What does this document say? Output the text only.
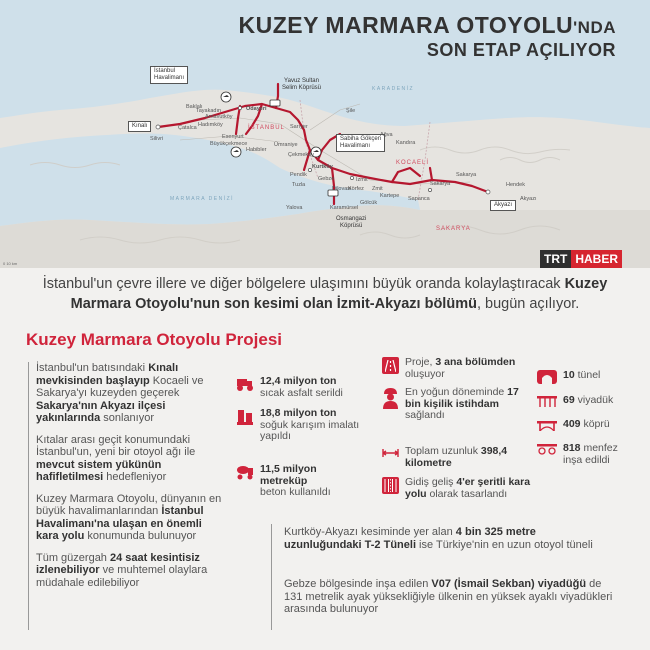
KUZEY MARMARA OTOYOLU'NDA
SON ETAP AÇILIYOR
KARADENİZ
MARMARA DENİZİ
İSTANBUL
KOCAELİ
SAKARYA
İstanbul
Havalimanı
Sabiha Gökçen
Havalimanı
Yavuz Sultan
Selim Köprüsü
Osmangazi
Köprüsü
Kınalı
Akyazı
Odayeri
Kurtköy
İzmit
Sakarya
Tayakadın
Silivri
Çatalca
Baklalı
Arnavutköy
Hadımköy
Büyükçekmece
Esenyurt
Habibler
Sarıyer
Şile
Ümraniye
Çekmeköy
Pendik
Tuzla
Gebze
Dilovası
Körfez
Kandıra
Sapanca	Akyazı
Hendek
Ağva
Yalova	Karamürsel
Gölcük
Kartepe
Sakarya
Zmit
0 10 km	TRT HABER
İstanbul'un çevre illere ve diğer bölgelere ulaşımını büyük oranda kolaylaştıracak Kuzey Marmara Otoyolu'nun son kesimi olan İzmit-Akyazı bölümü, bugün açılıyor.
Kuzey Marmara Otoyolu Projesi
İstanbul'un batısındaki Kınalı mevkisinden başlayıp Kocaeli ve Sakarya'yı kuzeyden geçerek Sakarya'nın Akyazı ilçesi yakınlarında sonlanıyor
Kıtalar arası geçit konumundaki İstanbul'un, yeni bir otoyol ağı ile mevcut sistem yükünün hafifletilmesi hedefleniyor
Kuzey Marmara Otoyolu, dünyanın en büyük havalimanlarından İstanbul Havalimanı'na ulaşan en önemli kara yolu konumunda bulunuyor
Tüm güzergah 24 saat kesintisiz izlenebiliyor ve muhtemel olaylara müdahale edilebiliyor
12,4 milyon ton
sıcak asfalt serildi
18,8 milyon ton
soğuk karışım imalatı yapıldı
11,5 milyon metreküp
beton kullanıldı
Proje, 3 ana bölümden oluşuyor
En yoğun döneminde 17 bin kişilik istihdam sağlandı
Toplam uzunluk 398,4 kilometre
Gidiş geliş 4'er şeritli kara yolu olarak tasarlandı
10 tünel
69 viyadük
409 köprü
818 menfez
inşa edildi
Kurtköy-Akyazı kesiminde yer alan 4 bin 325 metre uzunluğundaki T-2 Tüneli ise Türkiye'nin en uzun otoyol tüneli
Gebze bölgesinde inşa edilen V07 (İsmail Sekban) viyadüğü de 131 metrelik ayak yüksekliğiyle ülkenin en yüksek ayaklı viyadükleri arasında bulunuyor
